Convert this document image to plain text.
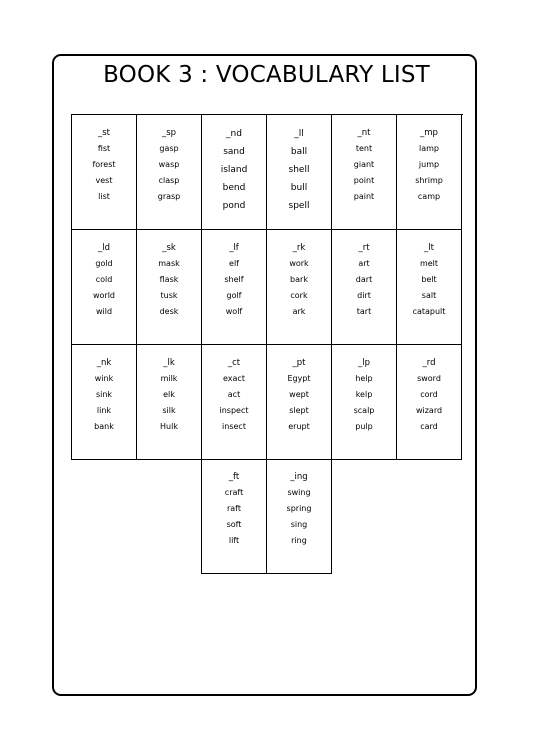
BOOK 3 : VOCABULARY LIST
_st
fist
forest
vest
list
_sp
gasp
wasp
clasp
grasp
_nd
sand
island
bend
pond
_ll
ball
shell
bull
spell
_nt
tent
giant
point
paint
_mp
lamp
jump
shrimp
camp
_ld
gold
cold
world
wild
_sk
mask
flask
tusk
desk
_lf
elf
shelf
golf
wolf
_rk
work
bark
cork
ark
_rt
art
dart
dirt
tart
_lt
melt
belt
salt
catapult
_nk
wink
sink
link
bank
_lk
milk
elk
silk
Hulk
_ct
exact
act
inspect
insect
_pt
Egypt
wept
slept
erupt
_lp
help
kelp
scalp
pulp
_rd
sword
cord
wizard
card
_ft
craft
raft
soft
lift
_ing
swing
spring
sing
ring
